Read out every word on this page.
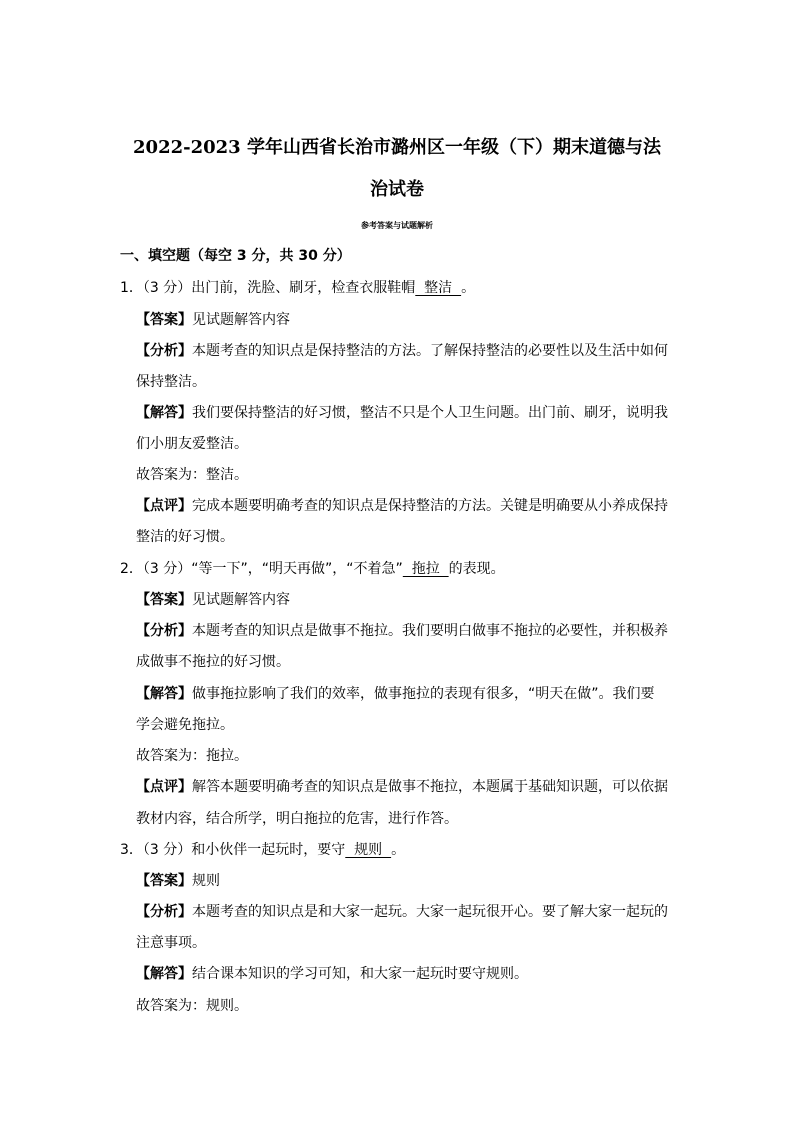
2022-2023 学年山西省长治市潞州区一年级（下）期末道德与法
治试卷
参考答案与试题解析
一、填空题（每空 3 分，共 30 分）
1．（3 分）出门前，洗脸、刷牙，检查衣服鞋帽  整洁  。
【答案】见试题解答内容
【分析】本题考查的知识点是保持整洁的方法。了解保持整洁的必要性以及生活中如何
保持整洁。
【解答】我们要保持整洁的好习惯，整洁不只是个人卫生问题。出门前、刷牙，说明我
们小朋友爱整洁。
故答案为：整洁。
【点评】完成本题要明确考查的知识点是保持整洁的方法。关键是明确要从小养成保持
整洁的好习惯。
2．（3 分）“等一下”，“明天再做”，“不着急”  拖拉  的表现。
【答案】见试题解答内容
【分析】本题考查的知识点是做事不拖拉。我们要明白做事不拖拉的必要性，并积极养
成做事不拖拉的好习惯。
【解答】做事拖拉影响了我们的效率，做事拖拉的表现有很多，“明天在做”。我们要
学会避免拖拉。
故答案为：拖拉。
【点评】解答本题要明确考查的知识点是做事不拖拉，本题属于基础知识题，可以依据
教材内容，结合所学，明白拖拉的危害，进行作答。
3．（3 分）和小伙伴一起玩时，要守  规则  。
【答案】规则
【分析】本题考查的知识点是和大家一起玩。大家一起玩很开心。要了解大家一起玩的
注意事项。
【解答】结合课本知识的学习可知，和大家一起玩时要守规则。
故答案为：规则。
